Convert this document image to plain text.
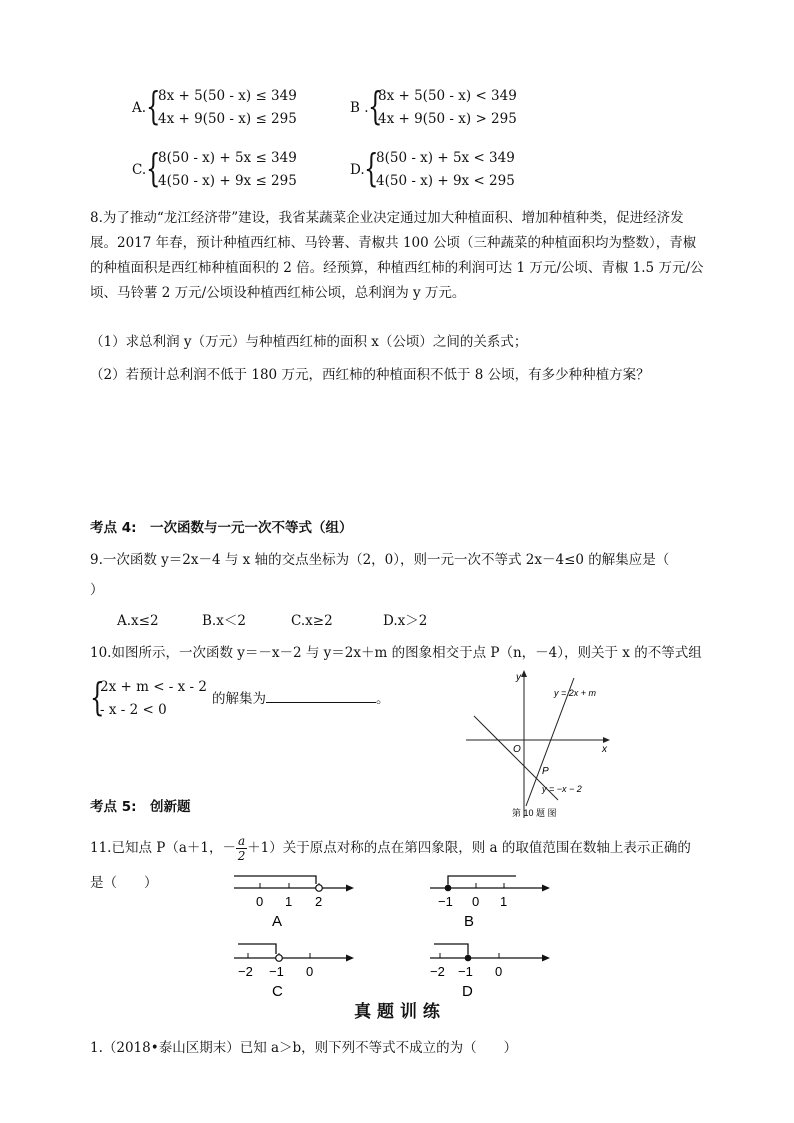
A. {
8x + 5(50 - x) ≤ 349
4x + 9(50 - x) ≤ 295
B . {
8x + 5(50 - x) < 349
4x + 9(50 - x) > 295
C. {
8(50 - x) + 5x ≤ 349
4(50 - x) + 9x ≤ 295
D. {
8(50 - x) + 5x < 349
4(50 - x) + 9x < 295
8.为了推动“龙江经济带”建设，我省某蔬菜企业决定通过加大种植面积、增加种植种类，促进经济发展。2017 年春，预计种植西红柿、马铃薯、青椒共 100 公顷（三种蔬菜的种植面积均为整数），青椒的种植面积是西红柿种植面积的 2 倍。经预算，种植西红柿的利润可达 1 万元/公顷、青椒 1.5 万元/公顷、马铃薯 2 万元/公顷设种植西红柿公顷，总利润为 y 万元。
（1）求总利润 y（万元）与种植西红柿的面积 x（公顷）之间的关系式；
（2）若预计总利润不低于 180 万元，西红柿的种植面积不低于 8 公顷，有多少种种植方案？
考点 4:　一次函数与一元一次不等式（组）
9.一次函数 y＝2x－4 与 x 轴的交点坐标为（2，0），则一元一次不等式 2x－4≤0 的解集应是（
）
A.x≤2	B.x＜2	C.x≥2	D.x＞2
10.如图所示，一次函数 y＝－x－2 与 y＝2x＋m 的图象相交于点 P（n，－4），则关于 x 的不等式组
{
2x + m < - x - 2
- x - 2 < 0
的解集为	。
y
x
O
y = 2x + m
y = −x − 2
P
第 10 题 图
考点 5:　创新题
11.已知点 P（a＋1，－ $\frac{a}{2} +1$）关于原点对称的点在第四象限，则 a 的取值范围在数轴上表示正确的
是（　　）
0 1 2
A
−1 0 1
B
−2 −1 0
C
−2 −1 0
D
真 题 训 练
1.（2018•泰山区期末）已知 a＞b，则下列不等式不成立的为（　　）
